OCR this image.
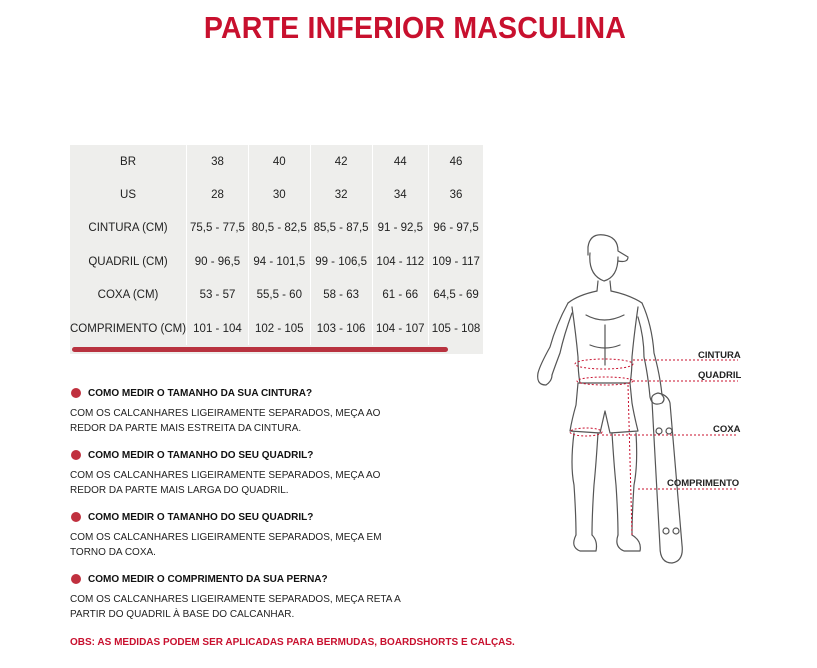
PARTE INFERIOR MASCULINA
BR	38	40	42	44	46
US	28	30	32	34	36
CINTURA (CM)	75,5 - 77,5	80,5 - 82,5	85,5 - 87,5	91 - 92,5	96 - 97,5
QUADRIL (CM)	90 - 96,5	94 - 101,5	99 - 106,5	104 - 112	109 - 117
COXA (CM)	53 - 57	55,5 - 60	58 - 63	61 - 66	64,5 - 69
COMPRIMENTO (CM)	101 - 104	102 - 105	103 - 106	104 - 107	105 - 108
COMO MEDIR O TAMANHO DA SUA CINTURA?
COM OS CALCANHARES LIGEIRAMENTE SEPARADOS, MEÇA AO REDOR DA PARTE MAIS ESTREITA DA CINTURA.
COMO MEDIR O TAMANHO DO SEU QUADRIL?
COM OS CALCANHARES LIGEIRAMENTE SEPARADOS, MEÇA AO REDOR DA PARTE MAIS LARGA DO QUADRIL.
COMO MEDIR O TAMANHO DO SEU QUADRIL?
COM OS CALCANHARES LIGEIRAMENTE SEPARADOS, MEÇA EM TORNO DA COXA.
COMO MEDIR O COMPRIMENTO DA SUA PERNA?
COM OS CALCANHARES LIGEIRAMENTE SEPARADOS, MEÇA RETA A PARTIR DO QUADRIL À BASE DO CALCANHAR.
OBS: AS MEDIDAS PODEM SER APLICADAS PARA BERMUDAS, BOARDSHORTS E CALÇAS.
CINTURA
QUADRIL
COXA
COMPRIMENTO
